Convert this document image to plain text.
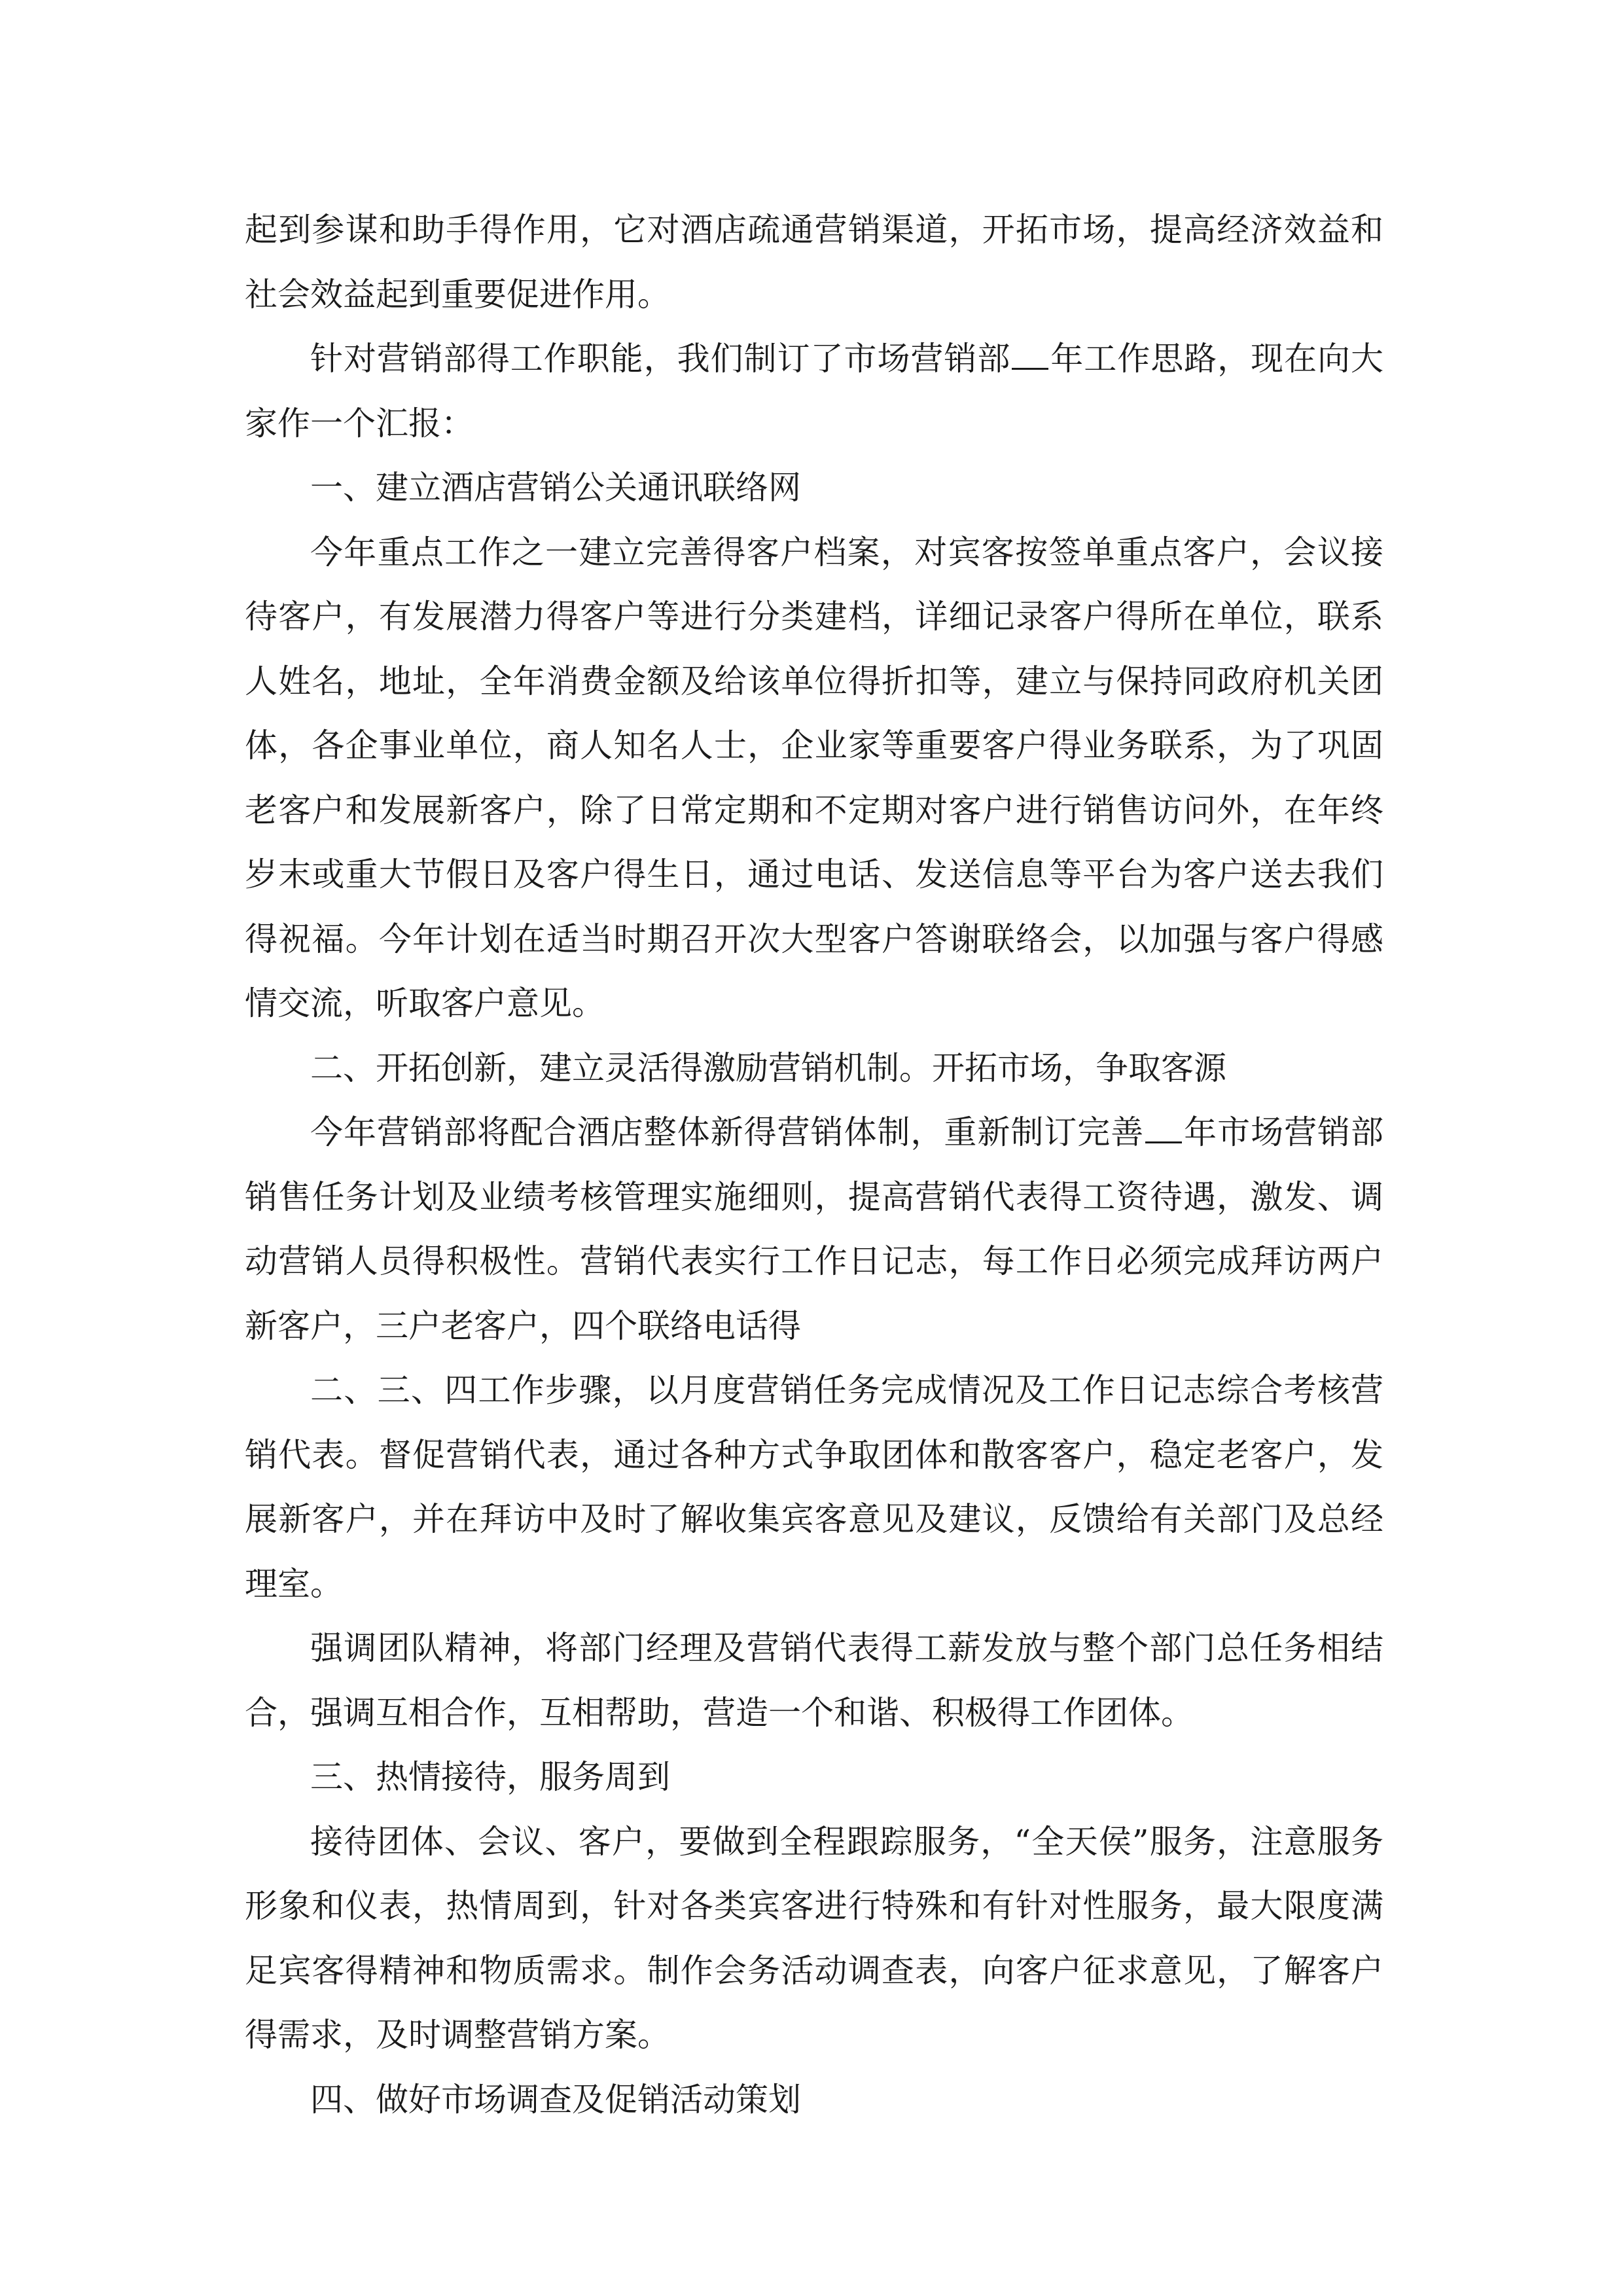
起到参谋和助手得作用，它对酒店疏通营销渠道，开拓市场，提高经济效益和社会效益起到重要促进作用。

针对营销部得工作职能，我们制订了市场营销部 年工作思路，现在向大家作一个汇报：

一、建立酒店营销公关通讯联络网

今年重点工作之一建立完善得客户档案，对宾客按签单重点客户，会议接待客户，有发展潜力得客户等进行分类建档，详细记录客户得所在单位，联系人姓名，地址，全年消费金额及给该单位得折扣等，建立与保持同政府机关团体，各企事业单位，商人知名人士，企业家等重要客户得业务联系，为了巩固老客户和发展新客户，除了日常定期和不定期对客户进行销售访问外，在年终岁末或重大节假日及客户得生日，通过电话、发送信息等平台为客户送去我们得祝福。今年计划在适当时期召开次大型客户答谢联络会，以加强与客户得感情交流，听取客户意见。

二、开拓创新，建立灵活得激励营销机制。开拓市场，争取客源

今年营销部将配合酒店整体新得营销体制，重新制订完善 年市场营销部销售任务计划及业绩考核管理实施细则，提高营销代表得工资待遇，激发、调动营销人员得积极性。营销代表实行工作日记志，每工作日必须完成拜访两户新客户，三户老客户，四个联络电话得

二、三、四工作步骤，以月度营销任务完成情况及工作日记志综合考核营销代表。督促营销代表，通过各种方式争取团体和散客客户，稳定老客户，发展新客户，并在拜访中及时了解收集宾客意见及建议，反馈给有关部门及总经理室。

强调团队精神，将部门经理及营销代表得工薪发放与整个部门总任务相结合，强调互相合作，互相帮助，营造一个和谐、积极得工作团体。

三、热情接待，服务周到

接待团体、会议、客户，要做到全程跟踪服务，“全天侯”服务，注意服务形象和仪表，热情周到，针对各类宾客进行特殊和有针对性服务，最大限度满足宾客得精神和物质需求。制作会务活动调查表，向客户征求意见，了解客户得需求，及时调整营销方案。

四、做好市场调查及促销活动策划
